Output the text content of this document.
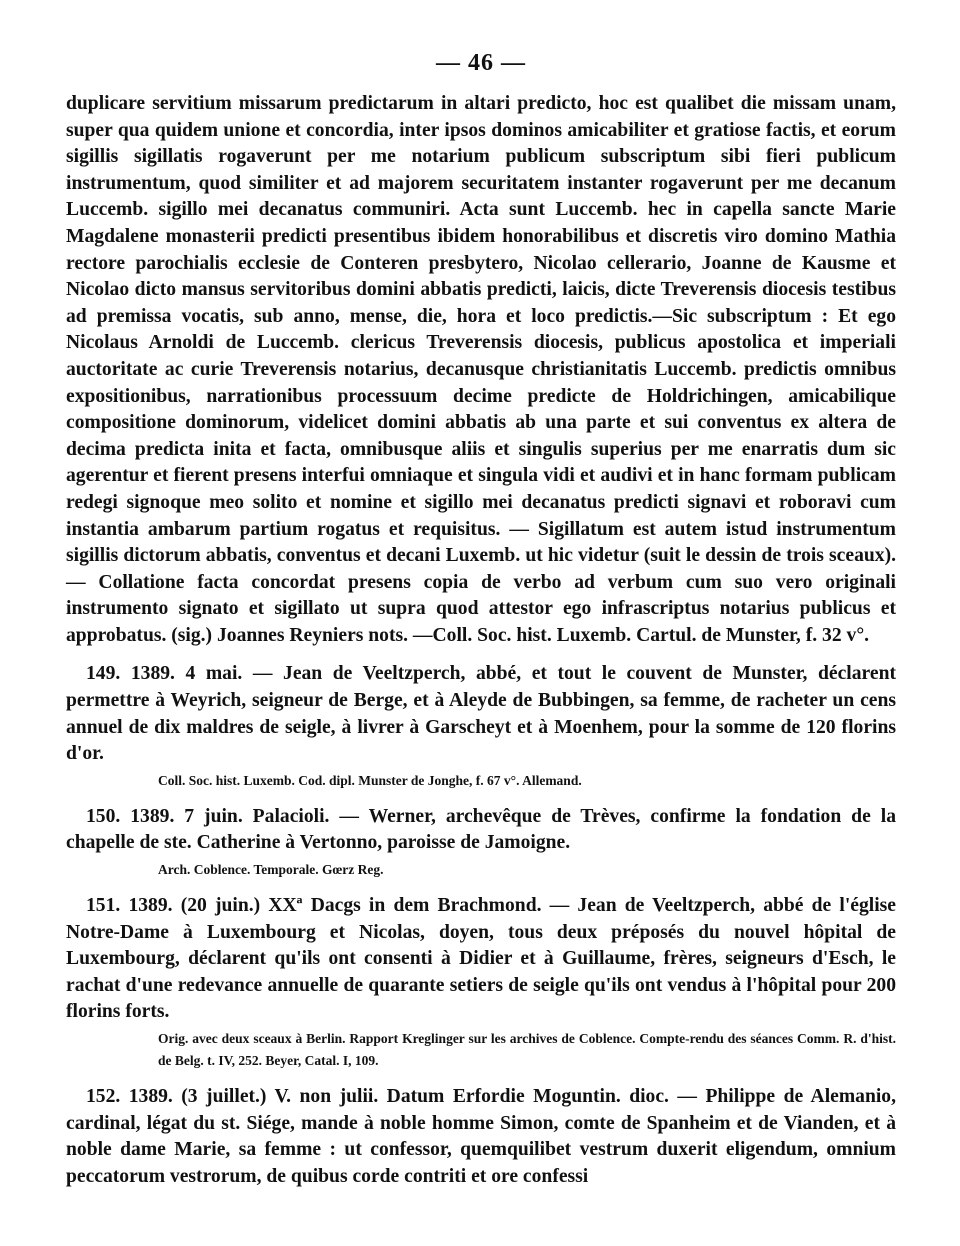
— 46 —

duplicare servitium missarum predictarum in altari predicto, hoc est qualibet die missam unam, super qua quidem unione et concordia, inter ipsos dominos amicabiliter et gratiose factis, et eorum sigillis sigillatis rogaverunt per me notarium publicum subscriptum sibi fieri publicum instrumentum, quod similiter et ad majorem securitatem instanter rogaverunt per me decanum Luccemb. sigillo mei decanatus communiri. Acta sunt Luccemb. hec in capella sancte Marie Magdalene monasterii predicti presentibus ibidem honorabilibus et discretis viro domino Mathia rectore parochialis ecclesie de Conteren presbytero, Nicolao cellerario, Joanne de Kausme et Nicolao dicto mansus servitoribus domini abbatis predicti, laicis, dicte Treverensis diocesis testibus ad premissa vocatis, sub anno, mense, die, hora et loco predictis.—Sic subscriptum : Et ego Nicolaus Arnoldi de Luccemb. clericus Treverensis diocesis, publicus apostolica et imperiali auctoritate ac curie Treverensis notarius, decanusque christianitatis Luccemb. predictis omnibus expositionibus, narrationibus processuum decime predicte de Holdrichingen, amicabilique compositione dominorum, videlicet domini abbatis ab una parte et sui conventus ex altera de decima predicta inita et facta, omnibusque aliis et singulis superius per me enarratis dum sic agerentur et fierent presens interfui omniaque et singula vidi et audivi et in hanc formam publicam redegi signoque meo solito et nomine et sigillo mei decanatus predicti signavi et roboravi cum instantia ambarum partium rogatus et requisitus. — Sigillatum est autem istud instrumentum sigillis dictorum abbatis, conventus et decani Luxemb. ut hic videtur (suit le dessin de trois sceaux). — Collatione facta concordat presens copia de verbo ad verbum cum suo vero originali instrumento signato et sigillato ut supra quod attestor ego infrascriptus notarius publicus et approbatus. (sig.) Joannes Reyniers nots. —Coll. Soc. hist. Luxemb. Cartul. de Munster, f. 32 v°.

149. 1389. 4 mai. — Jean de Veeltzperch, abbé, et tout le couvent de Munster, déclarent permettre à Weyrich, seigneur de Berge, et à Aleyde de Bubbingen, sa femme, de racheter un cens annuel de dix maldres de seigle, à livrer à Garscheyt et à Moenhem, pour la somme de 120 florins d'or.

Coll. Soc. hist. Luxemb. Cod. dipl. Munster de Jonghe, f. 67 v°. Allemand.

150. 1389. 7 juin. Palacioli. — Werner, archevêque de Trèves, confirme la fondation de la chapelle de ste. Catherine à Vertonno, paroisse de Jamoigne.

Arch. Coblence. Temporale. Gœrz Reg.

151. 1389. (20 juin.) XXª Dacgs in dem Brachmond. — Jean de Veeltzperch, abbé de l'église Notre-Dame à Luxembourg et Nicolas, doyen, tous deux préposés du nouvel hôpital de Luxembourg, déclarent qu'ils ont consenti à Didier et à Guillaume, frères, seigneurs d'Esch, le rachat d'une redevance annuelle de quarante setiers de seigle qu'ils ont vendus à l'hôpital pour 200 florins forts.

Orig. avec deux sceaux à Berlin. Rapport Kreglinger sur les archives de Coblence. Compte-rendu des séances Comm. R. d'hist. de Belg. t. IV, 252. Beyer, Catal. I, 109.

152. 1389. (3 juillet.) V. non julii. Datum Erfordie Moguntin. dioc. — Philippe de Alemanio, cardinal, légat du st. Siége, mande à noble homme Simon, comte de Spanheim et de Vianden, et à noble dame Marie, sa femme : ut confessor, quemquilibet vestrum duxerit eligendum, omnium peccatorum vestrorum, de quibus corde contriti et ore confessi
